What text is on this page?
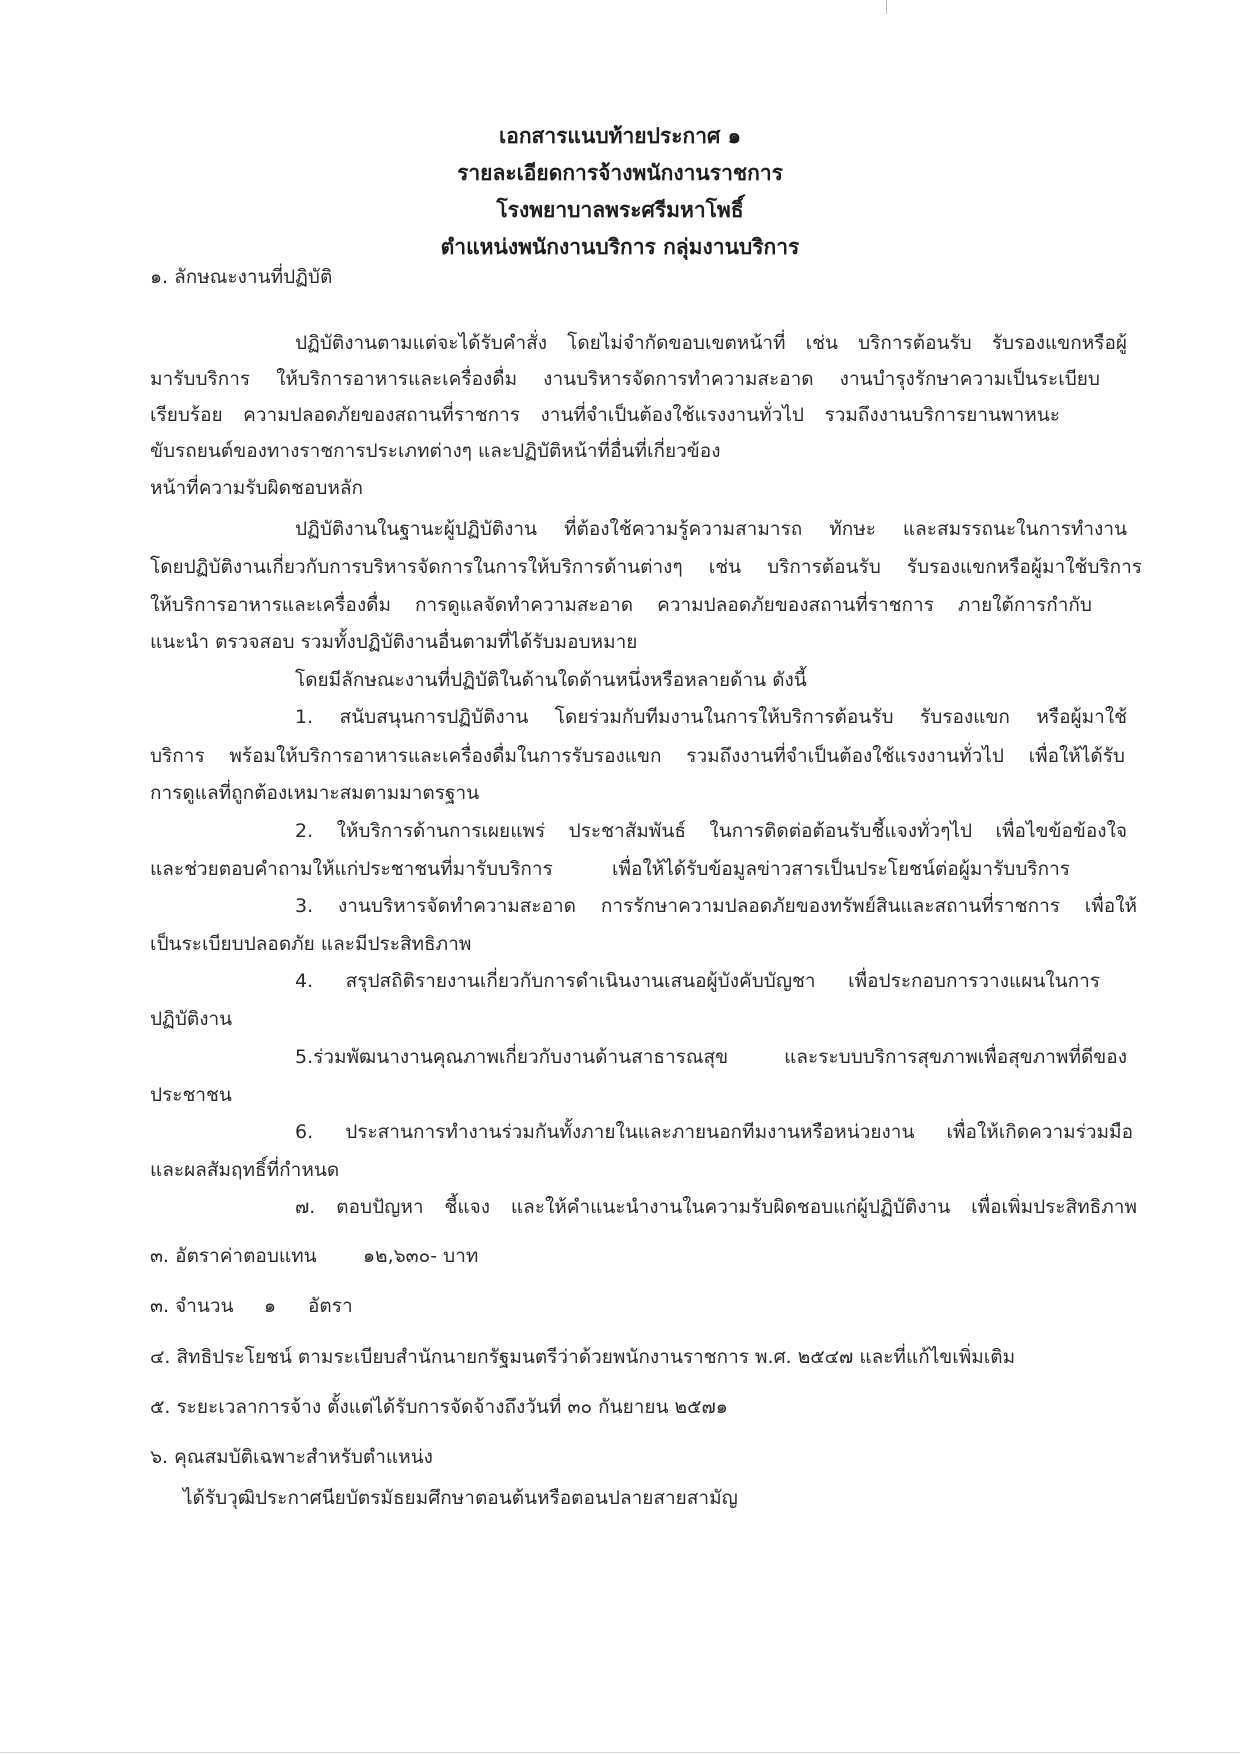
เอกสารแนบท้ายประกาศ ๑
รายละเอียดการจ้างพนักงานราชการ
โรงพยาบาลพระศรีมหาโพธิ์
ตำแหน่งพนักงานบริการ กลุ่มงานบริการ
๑. ลักษณะงานที่ปฏิบัติ
ปฏิบัติงานตามแต่จะได้รับคำสั่ง โดยไม่จำกัดขอบเขตหน้าที่ เช่น บริการต้อนรับ รับรองแขกหรือผู้
มารับบริการ ให้บริการอาหารและเครื่องดื่ม งานบริหารจัดการทำความสะอาด งานบำรุงรักษาความเป็นระเบียบ
เรียบร้อย ความปลอดภัยของสถานที่ราชการ งานที่จำเป็นต้องใช้แรงงานทั่วไป รวมถึงงานบริการยานพาหนะ
ขับรถยนต์ของทางราชการประเภทต่างๆ และปฏิบัติหน้าที่อื่นที่เกี่ยวข้อง
หน้าที่ความรับผิดชอบหลัก
ปฏิบัติงานในฐานะผู้ปฏิบัติงาน ที่ต้องใช้ความรู้ความสามารถ ทักษะ และสมรรถนะในการทำงาน
โดยปฏิบัติงานเกี่ยวกับการบริหารจัดการในการให้บริการด้านต่างๆ เช่น บริการต้อนรับ รับรองแขกหรือผู้มาใช้บริการ
ให้บริการอาหารและเครื่องดื่ม การดูแลจัดทำความสะอาด ความปลอดภัยของสถานที่ราชการ ภายใต้การกำกับ
แนะนำ ตรวจสอบ รวมทั้งปฏิบัติงานอื่นตามที่ได้รับมอบหมาย
โดยมีลักษณะงานที่ปฏิบัติในด้านใดด้านหนึ่งหรือหลายด้าน ดังนี้
1. สนับสนุนการปฏิบัติงาน โดยร่วมกับทีมงานในการให้บริการต้อนรับ รับรองแขก หรือผู้มาใช้
บริการ พร้อมให้บริการอาหารและเครื่องดื่มในการรับรองแขก รวมถึงงานที่จำเป็นต้องใช้แรงงานทั่วไป เพื่อให้ได้รับ
การดูแลที่ถูกต้องเหมาะสมตามมาตรฐาน
2. ให้บริการด้านการเผยแพร่ ประชาสัมพันธ์ ในการติดต่อต้อนรับชี้แจงทั่วๆไป เพื่อไขข้อข้องใจ
และช่วยตอบคำถามให้แก่ประชาชนที่มารับบริการ เพื่อให้ได้รับข้อมูลข่าวสารเป็นประโยชน์ต่อผู้มารับบริการ
3. งานบริหารจัดทำความสะอาด การรักษาความปลอดภัยของทรัพย์สินและสถานที่ราชการ เพื่อให้
เป็นระเบียบปลอดภัย และมีประสิทธิภาพ
4. สรุปสถิติรายงานเกี่ยวกับการดำเนินงานเสนอผู้บังคับบัญชา เพื่อประกอบการวางแผนในการ
ปฏิบัติงาน
5.ร่วมพัฒนางานคุณภาพเกี่ยวกับงานด้านสาธารณสุข และระบบบริการสุขภาพเพื่อสุขภาพที่ดีของ
ประชาชน
6. ประสานการทำงานร่วมกันทั้งภายในและภายนอกทีมงานหรือหน่วยงาน เพื่อให้เกิดความร่วมมือ
และผลสัมฤทธิ์ที่กำหนด
๗. ตอบปัญหา ชี้แจง และให้คำแนะนำงานในความรับผิดชอบแก่ผู้ปฏิบัติงาน เพื่อเพิ่มประสิทธิภาพ
๓. อัตราค่าตอบแทน ๑๒,๖๓๐- บาท
๓. จำนวน ๑ อัตรา
๔. สิทธิประโยชน์ ตามระเบียบสำนักนายกรัฐมนตรีว่าด้วยพนักงานราชการ พ.ศ. ๒๕๔๗ และที่แก้ไขเพิ่มเติม
๕. ระยะเวลาการจ้าง ตั้งแต่ได้รับการจัดจ้างถึงวันที่ ๓๐ กันยายน ๒๕๗๑
๖. คุณสมบัติเฉพาะสำหรับตำแหน่ง
ได้รับวุฒิประกาศนียบัตรมัธยมศึกษาตอนต้นหรือตอนปลายสายสามัญ
